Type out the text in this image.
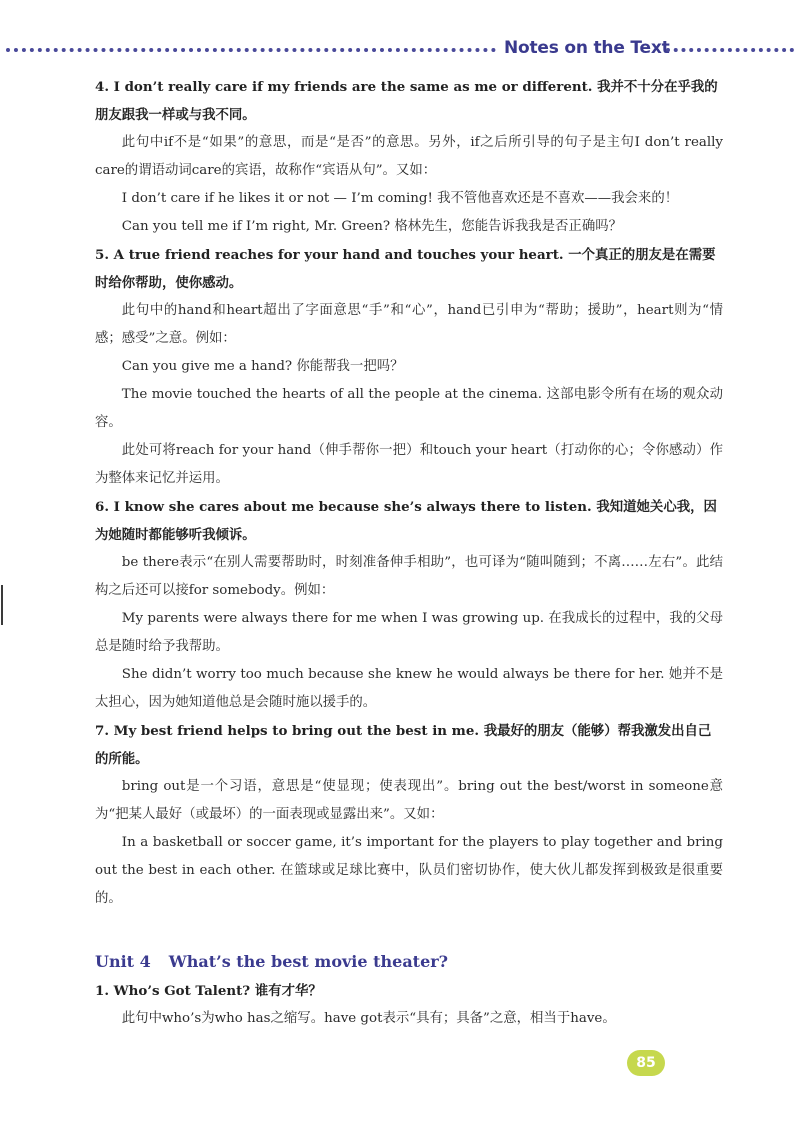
Notes on the Text

4. I don’t really care if my friends are the same as me or different. 我并不十分在乎我的朋友跟我一样或与我不同。

此句中if不是“如果”的意思，而是“是否”的意思。另外，if之后所引导的句子是主句I don’t really care的谓语动词care的宾语，故称作“宾语从句”。又如：

I don’t care if he likes it or not — I’m coming! 我不管他喜欢还是不喜欢——我会来的！

Can you tell me if I’m right, Mr. Green? 格林先生，您能告诉我我是否正确吗？

5. A true friend reaches for your hand and touches your heart. 一个真正的朋友是在需要时给你帮助，使你感动。

此句中的hand和heart超出了字面意思“手”和“心”，hand已引申为“帮助；援助”，heart则为“情感；感受”之意。例如：

Can you give me a hand? 你能帮我一把吗？

The movie touched the hearts of all the people at the cinema. 这部电影令所有在场的观众动容。

此处可将reach for your hand（伸手帮你一把）和touch your heart（打动你的心；令你感动）作为整体来记忆并运用。

6. I know she cares about me because she’s always there to listen. 我知道她关心我，因为她随时都能够听我倾诉。

be there表示“在别人需要帮助时，时刻准备伸手相助”，也可译为“随叫随到；不离……左右”。此结构之后还可以接for somebody。例如：

My parents were always there for me when I was growing up. 在我成长的过程中，我的父母总是随时给予我帮助。

She didn’t worry too much because she knew he would always be there for her. 她并不是太担心，因为她知道他总是会随时施以援手的。

7. My best friend helps to bring out the best in me. 我最好的朋友（能够）帮我激发出自己的所能。

bring out是一个习语，意思是“使显现；使表现出”。bring out the best/worst in someone意为“把某人最好（或最坏）的一面表现或显露出来”。又如：

In a basketball or soccer game, it’s important for the players to play together and bring out the best in each other. 在篮球或足球比赛中，队员们密切协作，使大伙儿都发挥到极致是很重要的。

Unit 4 What’s the best movie theater?

1. Who’s Got Talent? 谁有才华？

此句中who’s为who has之缩写。have got表示“具有；具备”之意，相当于have。

85
